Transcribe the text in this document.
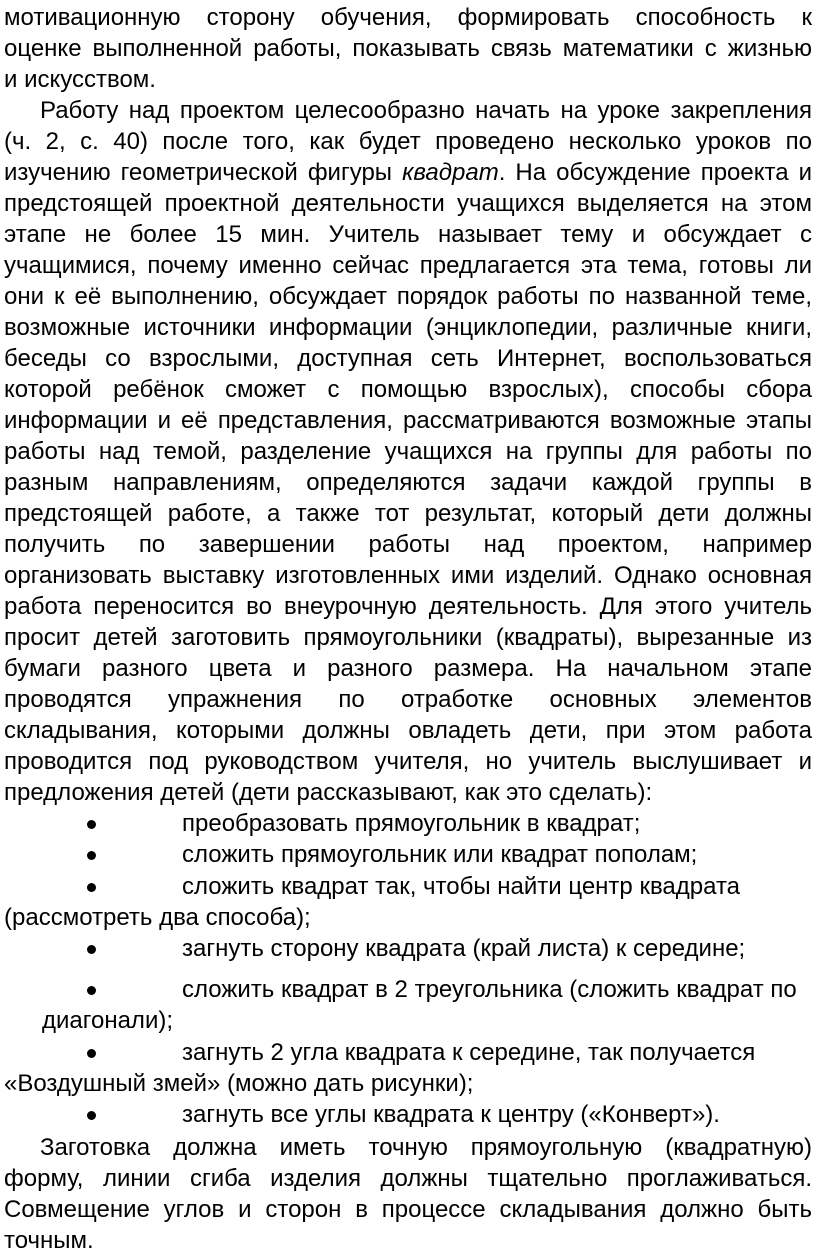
мотивационную сторону обучения, формировать способность к
оценке выполненной работы, показывать связь математики с жизнью
и искусством.
Работу над проектом целесообразно начать на уроке закрепления
(ч. 2, с. 40) после того, как будет проведено несколько уроков по
изучению геометрической фигуры квадрат. На обсуждение проекта и
предстоящей проектной деятельности учащихся выделяется на этом
этапе не более 15 мин. Учитель называет тему и обсуждает с
учащимися, почему именно сейчас предлагается эта тема, готовы ли
они к её выполнению, обсуждает порядок работы по названной теме,
возможные источники информации (энциклопедии, различные книги,
беседы со взрослыми, доступная сеть Интернет, воспользоваться
которой ребёнок сможет с помощью взрослых), способы сбора
информации и её представления, рассматриваются возможные этапы
работы над темой, разделение учащихся на группы для работы по
разным направлениям, определяются задачи каждой группы в
предстоящей работе, а также тот результат, который дети должны
получить по завершении работы над проектом, например
организовать выставку изготовленных ими изделий. Однако основная
работа переносится во внеурочную деятельность. Для этого учитель
просит детей заготовить прямоугольники (квадраты), вырезанные из
бумаги разного цвета и разного размера. На начальном этапе
проводятся упражнения по отработке основных элементов
складывания, которыми должны овладеть дети, при этом работа
проводится под руководством учителя, но учитель выслушивает и
предложения детей (дети рассказывают, как это сделать):
преобразовать прямоугольник в квадрат;
сложить прямоугольник или квадрат пополам;
сложить квадрат так, чтобы найти центр квадрата
(рассмотреть два способа);
загнуть сторону квадрата (край листа) к середине;
сложить квадрат в 2 треугольника (сложить квадрат по
диагонали);
загнуть 2 угла квадрата к середине, так получается
«Воздушный змей» (можно дать рисунки);
загнуть все углы квадрата к центру («Конверт»).
Заготовка должна иметь точную прямоугольную (квадратную)
форму, линии сгиба изделия должны тщательно проглаживаться.
Совмещение углов и сторон в процессе складывания должно быть
точным.
